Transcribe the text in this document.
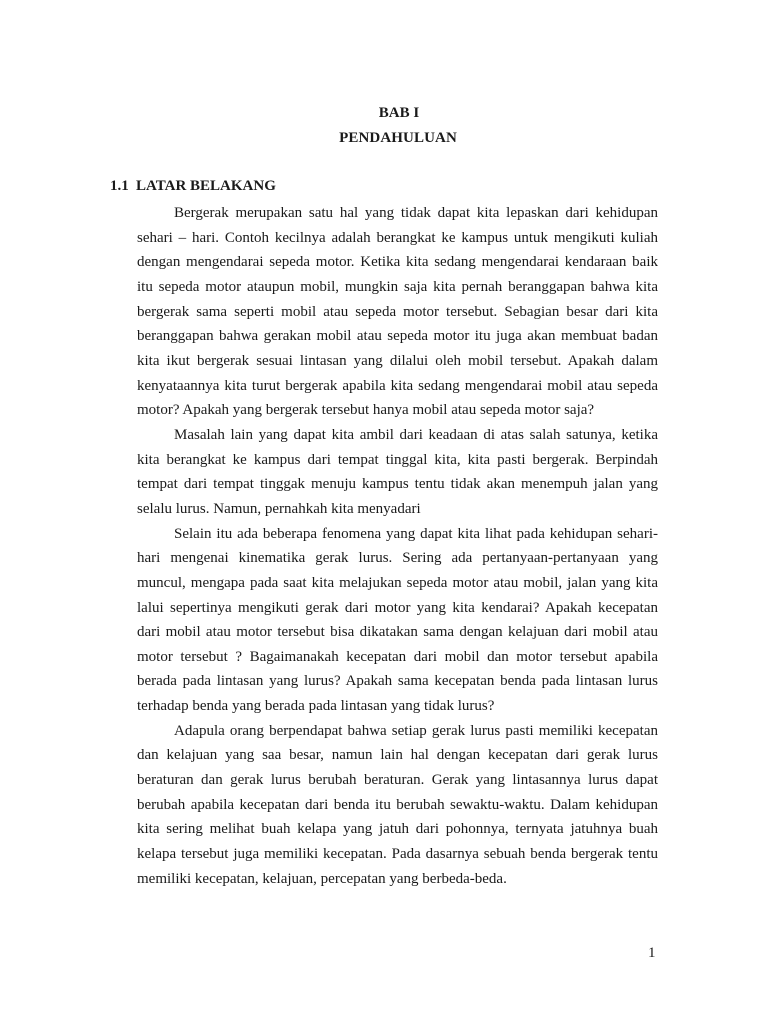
BAB I

PENDAHULUAN

1.1 LATAR BELAKANG

Bergerak merupakan satu hal yang tidak dapat kita lepaskan dari kehidupan sehari – hari. Contoh kecilnya adalah berangkat ke kampus untuk mengikuti kuliah dengan mengendarai sepeda motor. Ketika kita sedang mengendarai kendaraan baik itu sepeda motor ataupun mobil, mungkin saja kita pernah beranggapan bahwa kita bergerak sama seperti mobil atau sepeda motor tersebut. Sebagian besar dari kita beranggapan bahwa gerakan mobil atau sepeda motor itu juga akan membuat badan kita ikut bergerak sesuai lintasan yang dilalui oleh mobil tersebut. Apakah dalam kenyataannya kita turut bergerak apabila kita sedang mengendarai mobil atau sepeda motor? Apakah yang bergerak tersebut hanya mobil atau sepeda motor saja?

Masalah lain yang dapat kita ambil dari keadaan di atas salah satunya, ketika kita berangkat ke kampus dari tempat tinggal kita, kita pasti bergerak. Berpindah tempat dari tempat tinggak menuju kampus tentu tidak akan menempuh jalan yang selalu lurus. Namun, pernahkah kita menyadari

Selain itu ada beberapa fenomena yang dapat kita lihat pada kehidupan sehari-hari mengenai kinematika gerak lurus. Sering ada pertanyaan-pertanyaan yang muncul, mengapa pada saat kita melajukan sepeda motor atau mobil, jalan yang kita lalui sepertinya mengikuti gerak dari motor yang kita kendarai? Apakah kecepatan dari mobil atau motor tersebut bisa dikatakan sama dengan kelajuan dari mobil atau motor tersebut ? Bagaimanakah kecepatan dari mobil dan motor tersebut apabila berada pada lintasan yang lurus? Apakah sama kecepatan benda pada lintasan lurus terhadap benda yang berada pada lintasan yang tidak lurus?

Adapula orang berpendapat bahwa setiap gerak lurus pasti memiliki kecepatan dan kelajuan yang saa besar, namun lain hal dengan kecepatan dari gerak lurus beraturan dan gerak lurus berubah beraturan. Gerak yang lintasannya lurus dapat berubah apabila kecepatan dari benda itu berubah sewaktu-waktu. Dalam kehidupan kita sering melihat buah kelapa yang jatuh dari pohonnya, ternyata jatuhnya buah kelapa tersebut juga memiliki kecepatan. Pada dasarnya sebuah benda bergerak tentu memiliki kecepatan, kelajuan, percepatan yang berbeda-beda.

1
